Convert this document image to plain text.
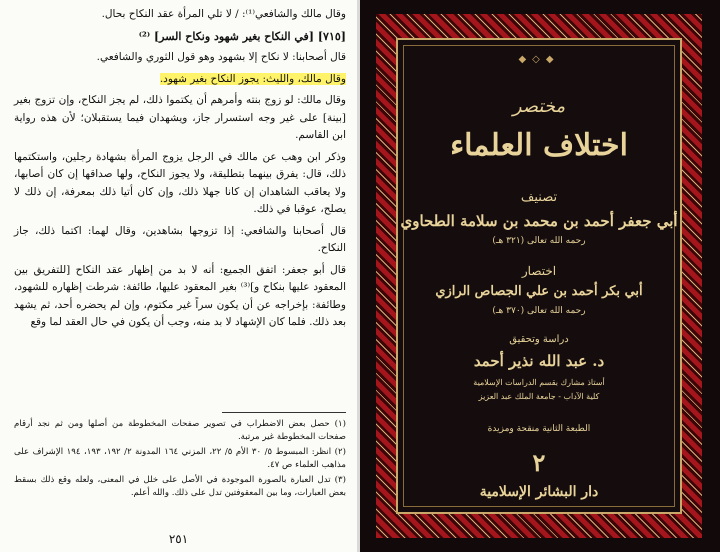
وقال مالك والشافعي⁽¹⁾: / لا تلي المرأة عقد النكاح بحال.

[٧١٥] [في النكاح بغير شهود ونكاح السر] ⁽²⁾

قال أصحابنا: لا نكاح إلا بشهود وهو قول الثوري والشافعي.

وقال مالك، والليث: يجوز النكاح بغير شهود.

وقال مالك: لو زوج بنته وأمرهم أن يكتموا ذلك، لم يجز النكاح، وإن تزوج بغير [بينة] على غير وجه استسرار جاز، ويشهدان فيما يستقبلان؛ لأن هذه رواية ابن القاسم.

وذكر ابن وهب عن مالك في الرجل يزوج المرأة بشهادة رجلين، واستكتمها ذلك، قال: يفرق بينهما بتطليقة، ولا يجوز النكاح، ولها صداقها إن كان أصابها، ولا يعاقب الشاهدان إن كانا جهلا ذلك، وإن كان أتيا ذلك بمعرفة، إن ذلك لا يصلح، عوقبا في ذلك.

قال أصحابنا والشافعي: إذا تزوجها بشاهدين، وقال لهما: اكتما ذلك، جاز النكاح.

قال أبو جعفر: اتفق الجميع: أنه لا بد من إظهار عقد النكاح [للتفريق بين المعقود عليها بنكاح و]⁽³⁾ بغير المعقود عليها، طائفة: شرطت إظهاره للشهود، وطائفة: بإخراجه عن أن يكون سراً غير مكتوم، وإن لم يحضره أحد، ثم يشهد بعد ذلك. فلما كان الإشهاد لا بد منه، وجب أن يكون في حال العقد لما وقع

(١) حصل بعض الاضطراب في تصوير صفحات المخطوطة من أصلها ومن ثم نجد أرقام صفحات المخطوطة غير مرتبة.

(٢) انظر: المبسوط ٥/ ٣٠ الأم ٥/ ٢٢، المزني ١٦٤ المدونة ٢/ ١٩٢، ١٩٣، ١٩٤ الإشراف على مذاهب العلماء ص ٤٧.

(٣) تدل العبارة بالصورة الموجودة في الأصل على خلل في المعنى، ولعله وقع ذلك بسقط بعض العبارات، وما بين المعقوفتين تدل على ذلك. والله أعلم.

٢٥١
◆◇◆
مختصر
اختلاف العلماء
تصنيف
أبي جعفر أحمد بن محمد بن سلامة الطحاوي
رحمه الله تعالى (٣٢١ هـ)
اختصار
أبي بكر أحمد بن علي الجصاص الرازي
رحمه الله تعالى (٣٧٠ هـ)
دراسة وتحقيق
د. عبد الله نذير أحمد
أستاذ مشارك بقسم الدراسات الإسلامية
كلية الآداب - جامعة الملك عبد العزيز
الطبعة الثانية منقحة ومزيدة
٢
دار البشائر الإسلامية
